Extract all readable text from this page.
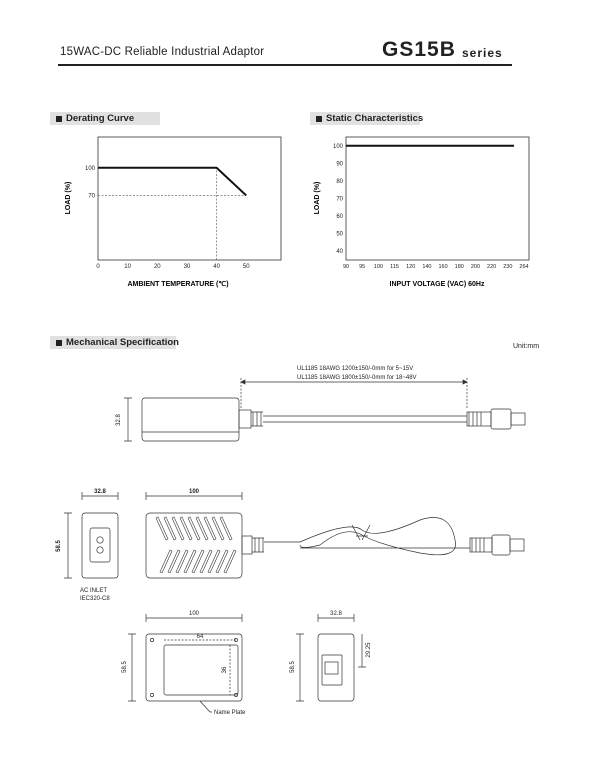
15WAC-DC Reliable Industrial Adaptor	GS15B series
Derating Curve	Static Characteristics
Mechanical Specification	Unit:mm
0	10	20	30	40	50
100
70
LOAD (%)
AMBIENT TEMPERATURE (℃)
90 95 100 115 120 140 160 180 200 220 230 264
100
90
80
70
60
50
40
LOAD (%)
INPUT VOLTAGE (VAC) 60Hz
UL1185 18AWG 1200±150/-0mm for 5~15V
UL1185 18AWG 1800±150/-0mm for 18~48V
32.8
32.8	100
58.5
AC INLET
IEC320-C8
100
64
36
58.5
32.8
29.25
58.5
Name Plate
